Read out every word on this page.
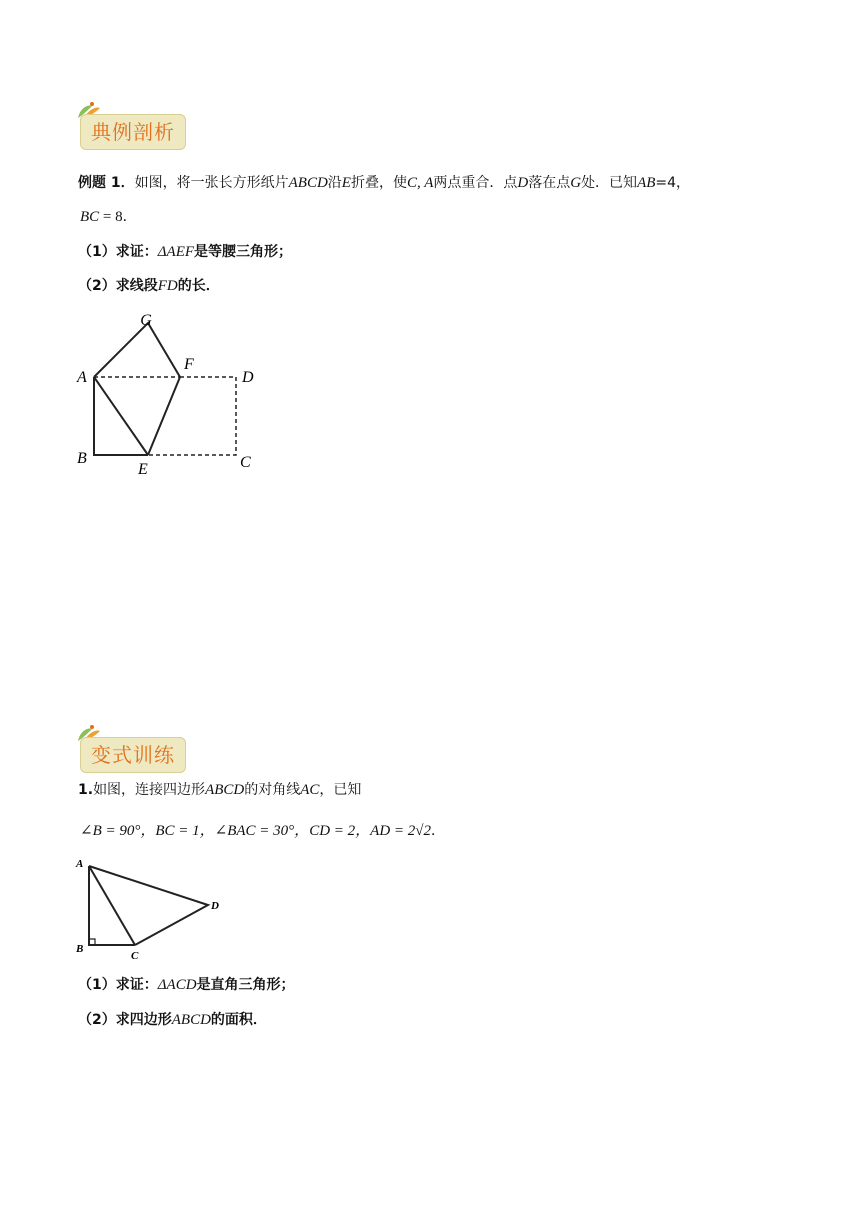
典例剖析
例题 1．如图，将一张长方形纸片ABCD沿E折叠，使C, A两点重合．点D落在点G处．已知AB=4，
BC = 8．
（1）求证：ΔAEF是等腰三角形；
（2）求线段FD的长．
G
A
F
D
B
E	C
变式训练
1.如图，连接四边形ABCD的对角线AC，已知
∠B = 90°，BC = 1，∠BAC = 30°，CD = 2，AD = 2√2．
A
B
C
D
（1）求证：ΔACD是直角三角形；
（2）求四边形ABCD的面积．
